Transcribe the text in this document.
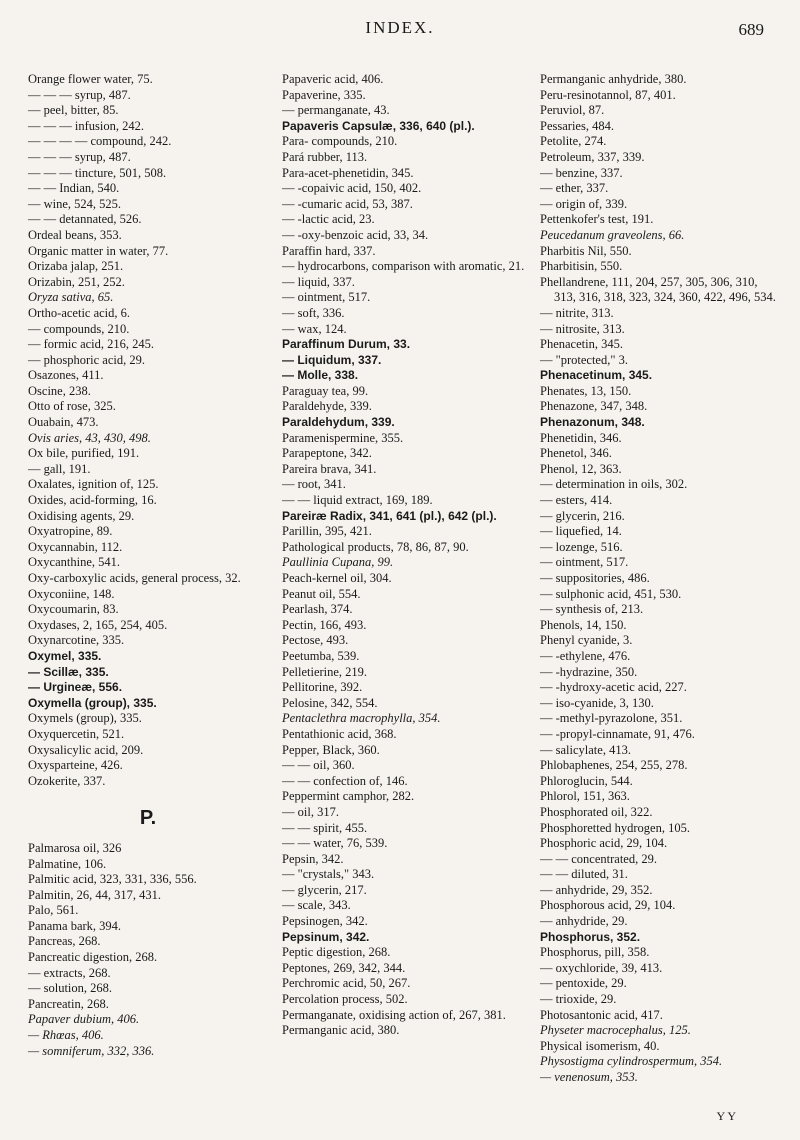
INDEX.	689
Orange flower water, 75.
— — — syrup, 487.
— peel, bitter, 85.
— — — infusion, 242.
— — — — compound, 242.
— — — syrup, 487.
— — — tincture, 501, 508.
— — Indian, 540.
— wine, 524, 525.
— — detannated, 526.
Ordeal beans, 353.
Organic matter in water, 77.
Orizaba jalap, 251.
Orizabin, 251, 252.
Oryza sativa, 65.
Ortho-acetic acid, 6.
— compounds, 210.
— formic acid, 216, 245.
— phosphoric acid, 29.
Osazones, 411.
Oscine, 238.
Otto of rose, 325.
Ouabain, 473.
Ovis aries, 43, 430, 498.
Ox bile, purified, 191.
— gall, 191.
Oxalates, ignition of, 125.
Oxides, acid-forming, 16.
Oxidising agents, 29.
Oxyatropine, 89.
Oxycannabin, 112.
Oxycanthine, 541.
Oxy-carboxylic acids, general process, 32.
Oxyconiine, 148.
Oxycoumarin, 83.
Oxydases, 2, 165, 254, 405.
Oxynarcotine, 335.
Oxymel, 335.
— Scillæ, 335.
— Urgineæ, 556.
Oxymella (group), 335.
Oxymels (group), 335.
Oxyquercetin, 521.
Oxysalicylic acid, 209.
Oxysparteine, 426.
Ozokerite, 337.
P.
Palmarosa oil, 326
Palmatine, 106.
Palmitic acid, 323, 331, 336, 556.
Palmitin, 26, 44, 317, 431.
Palo, 561.
Panama bark, 394.
Pancreas, 268.
Pancreatic digestion, 268.
— extracts, 268.
— solution, 268.
Pancreatin, 268.
Papaver dubium, 406.
— Rhœas, 406.
— somniferum, 332, 336.
Papaveric acid, 406.
Papaverine, 335.
— permanganate, 43.
Papaveris Capsulæ, 336, 640 (pl.).
Para- compounds, 210.
Pará rubber, 113.
Para-acet-phenetidin, 345.
— -copaivic acid, 150, 402.
— -cumaric acid, 53, 387.
— -lactic acid, 23.
— -oxy-benzoic acid, 33, 34.
Paraffin hard, 337.
— hydrocarbons, comparison with aromatic, 21.
— liquid, 337.
— ointment, 517.
— soft, 336.
— wax, 124.
Paraffinum Durum, 33.
— Liquidum, 337.
— Molle, 338.
Paraguay tea, 99.
Paraldehyde, 339.
Paraldehydum, 339.
Paramenispermine, 355.
Parapeptone, 342.
Pareira brava, 341.
— root, 341.
— — liquid extract, 169, 189.
Pareiræ Radix, 341, 641 (pl.), 642 (pl.).
Parillin, 395, 421.
Pathological products, 78, 86, 87, 90.
Paullinia Cupana, 99.
Peach-kernel oil, 304.
Peanut oil, 554.
Pearlash, 374.
Pectin, 166, 493.
Pectose, 493.
Peetumba, 539.
Pelletierine, 219.
Pellitorine, 392.
Pelosine, 342, 554.
Pentaclethra macrophylla, 354.
Pentathionic acid, 368.
Pepper, Black, 360.
— — oil, 360.
— — confection of, 146.
Peppermint camphor, 282.
— oil, 317.
— — spirit, 455.
— — water, 76, 539.
Pepsin, 342.
— "crystals," 343.
— glycerin, 217.
— scale, 343.
Pepsinogen, 342.
Pepsinum, 342.
Peptic digestion, 268.
Peptones, 269, 342, 344.
Perchromic acid, 50, 267.
Percolation process, 502.
Permanganate, oxidising action of, 267, 381.
Permanganic acid, 380.
Permanganic anhydride, 380.
Peru-resinotannol, 87, 401.
Peruviol, 87.
Pessaries, 484.
Petolite, 274.
Petroleum, 337, 339.
— benzine, 337.
— ether, 337.
— origin of, 339.
Pettenkofer's test, 191.
Peucedanum graveolens, 66.
Pharbitis Nil, 550.
Pharbitisin, 550.
Phellandrene, 111, 204, 257, 305, 306, 310, 313, 316, 318, 323, 324, 360, 422, 496, 534.
— nitrite, 313.
— nitrosite, 313.
Phenacetin, 345.
— "protected," 3.
Phenacetinum, 345.
Phenates, 13, 150.
Phenazone, 347, 348.
Phenazonum, 348.
Phenetidin, 346.
Phenetol, 346.
Phenol, 12, 363.
— determination in oils, 302.
— esters, 414.
— glycerin, 216.
— liquefied, 14.
— lozenge, 516.
— ointment, 517.
— suppositories, 486.
— sulphonic acid, 451, 530.
— synthesis of, 213.
Phenols, 14, 150.
Phenyl cyanide, 3.
— -ethylene, 476.
— -hydrazine, 350.
— -hydroxy-acetic acid, 227.
— iso-cyanide, 3, 130.
— -methyl-pyrazolone, 351.
— -propyl-cinnamate, 91, 476.
— salicylate, 413.
Phlobaphenes, 254, 255, 278.
Phloroglucin, 544.
Phlorol, 151, 363.
Phosphorated oil, 322.
Phosphoretted hydrogen, 105.
Phosphoric acid, 29, 104.
— — concentrated, 29.
— — diluted, 31.
— anhydride, 29, 352.
Phosphorous acid, 29, 104.
— anhydride, 29.
Phosphorus, 352.
Phosphorus, pill, 358.
— oxychloride, 39, 413.
— pentoxide, 29.
— trioxide, 29.
Photosantonic acid, 417.
Physeter macrocephalus, 125.
Physical isomerism, 40.
Physostigma cylindrospermum, 354.
— venenosum, 353.
Y Y
